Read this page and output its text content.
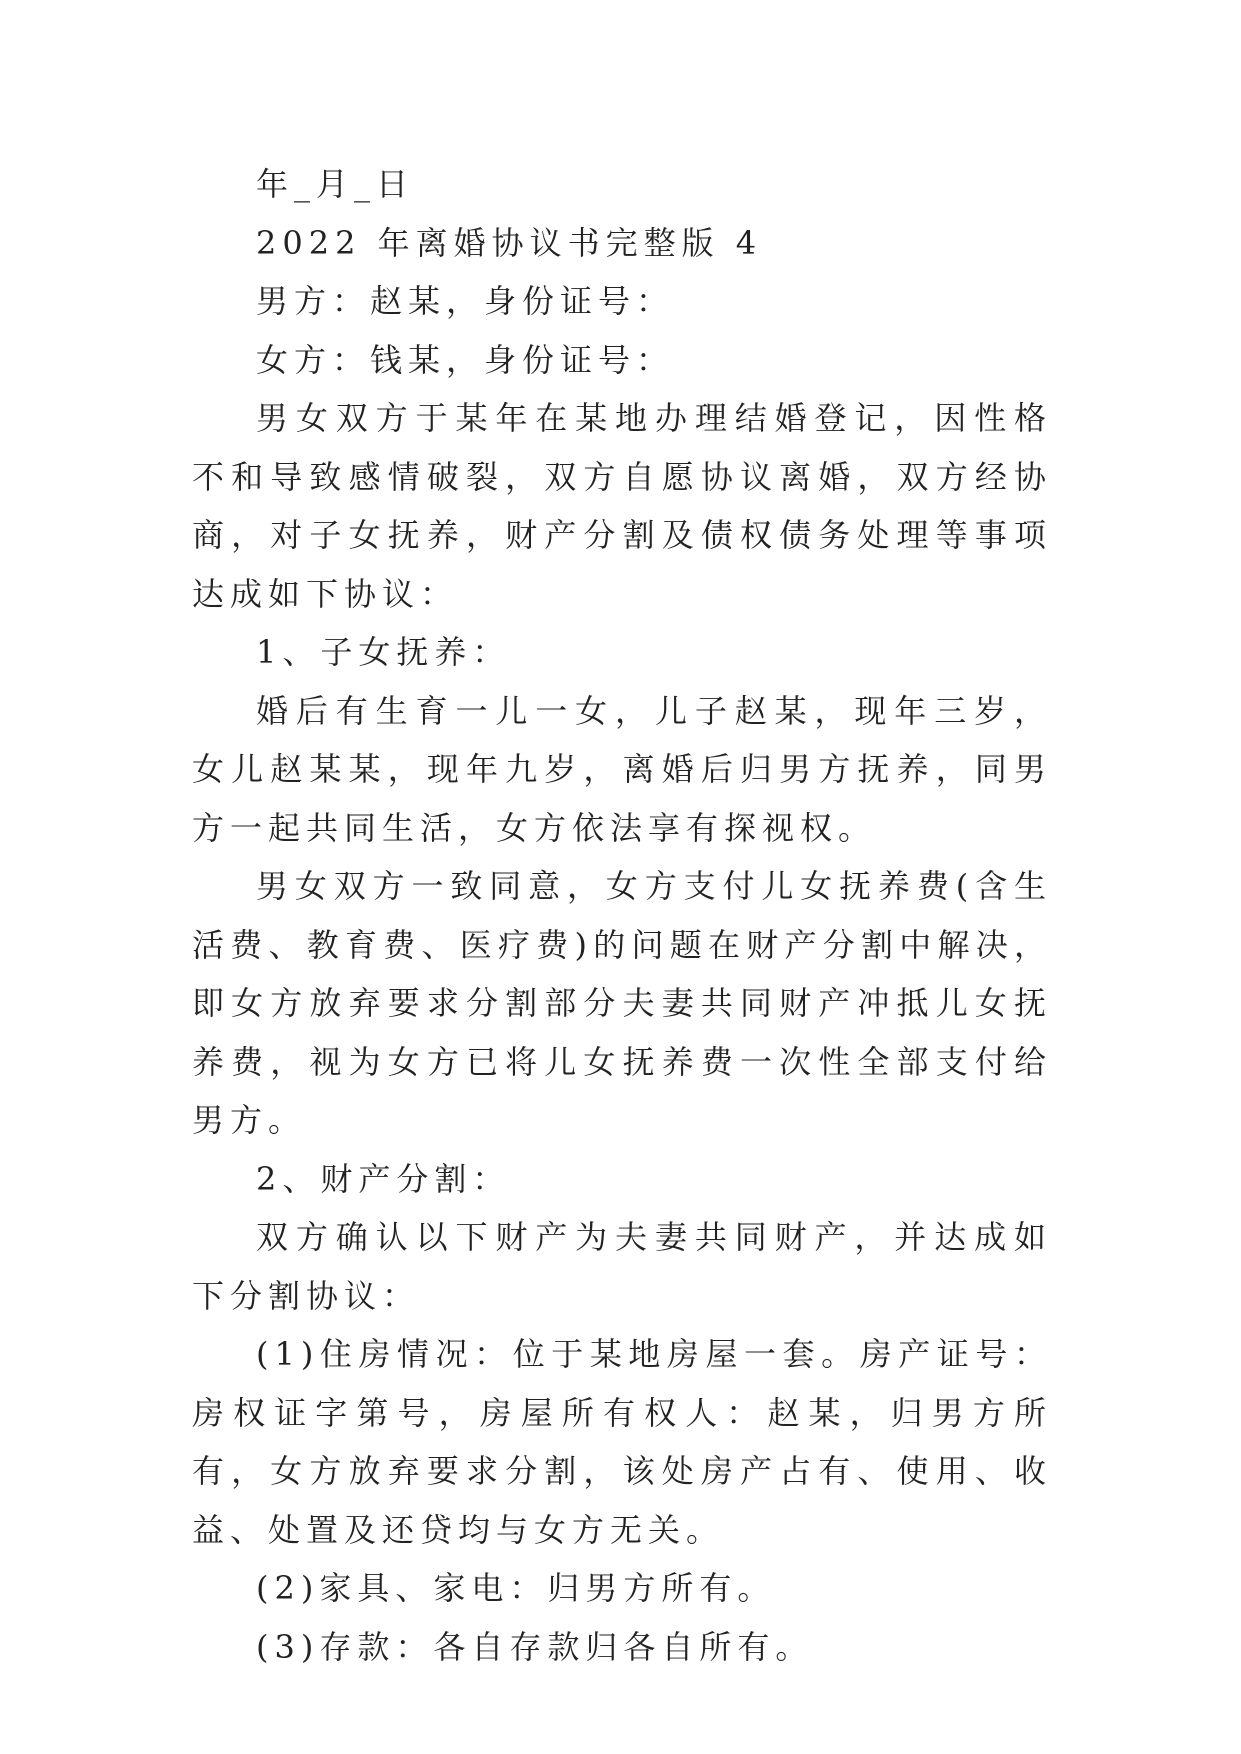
年_月_日

2022 年离婚协议书完整版 4

男方：赵某，身份证号：

女方：钱某，身份证号：

男女双方于某年在某地办理结婚登记，因性格不和导致感情破裂，双方自愿协议离婚，双方经协商，对子女抚养，财产分割及债权债务处理等事项达成如下协议：

1、子女抚养：

婚后有生育一儿一女，儿子赵某，现年三岁，女儿赵某某，现年九岁，离婚后归男方抚养，同男方一起共同生活，女方依法享有探视权。

男女双方一致同意，女方支付儿女抚养费(含生活费、教育费、医疗费)的问题在财产分割中解决，即女方放弃要求分割部分夫妻共同财产冲抵儿女抚养费，视为女方已将儿女抚养费一次性全部支付给男方。

2、财产分割：

双方确认以下财产为夫妻共同财产，并达成如下分割协议：

(1)住房情况：位于某地房屋一套。房产证号：房权证字第号，房屋所有权人：赵某，归男方所有，女方放弃要求分割，该处房产占有、使用、收益、处置及还贷均与女方无关。

(2)家具、家电：归男方所有。

(3)存款：各自存款归各自所有。
